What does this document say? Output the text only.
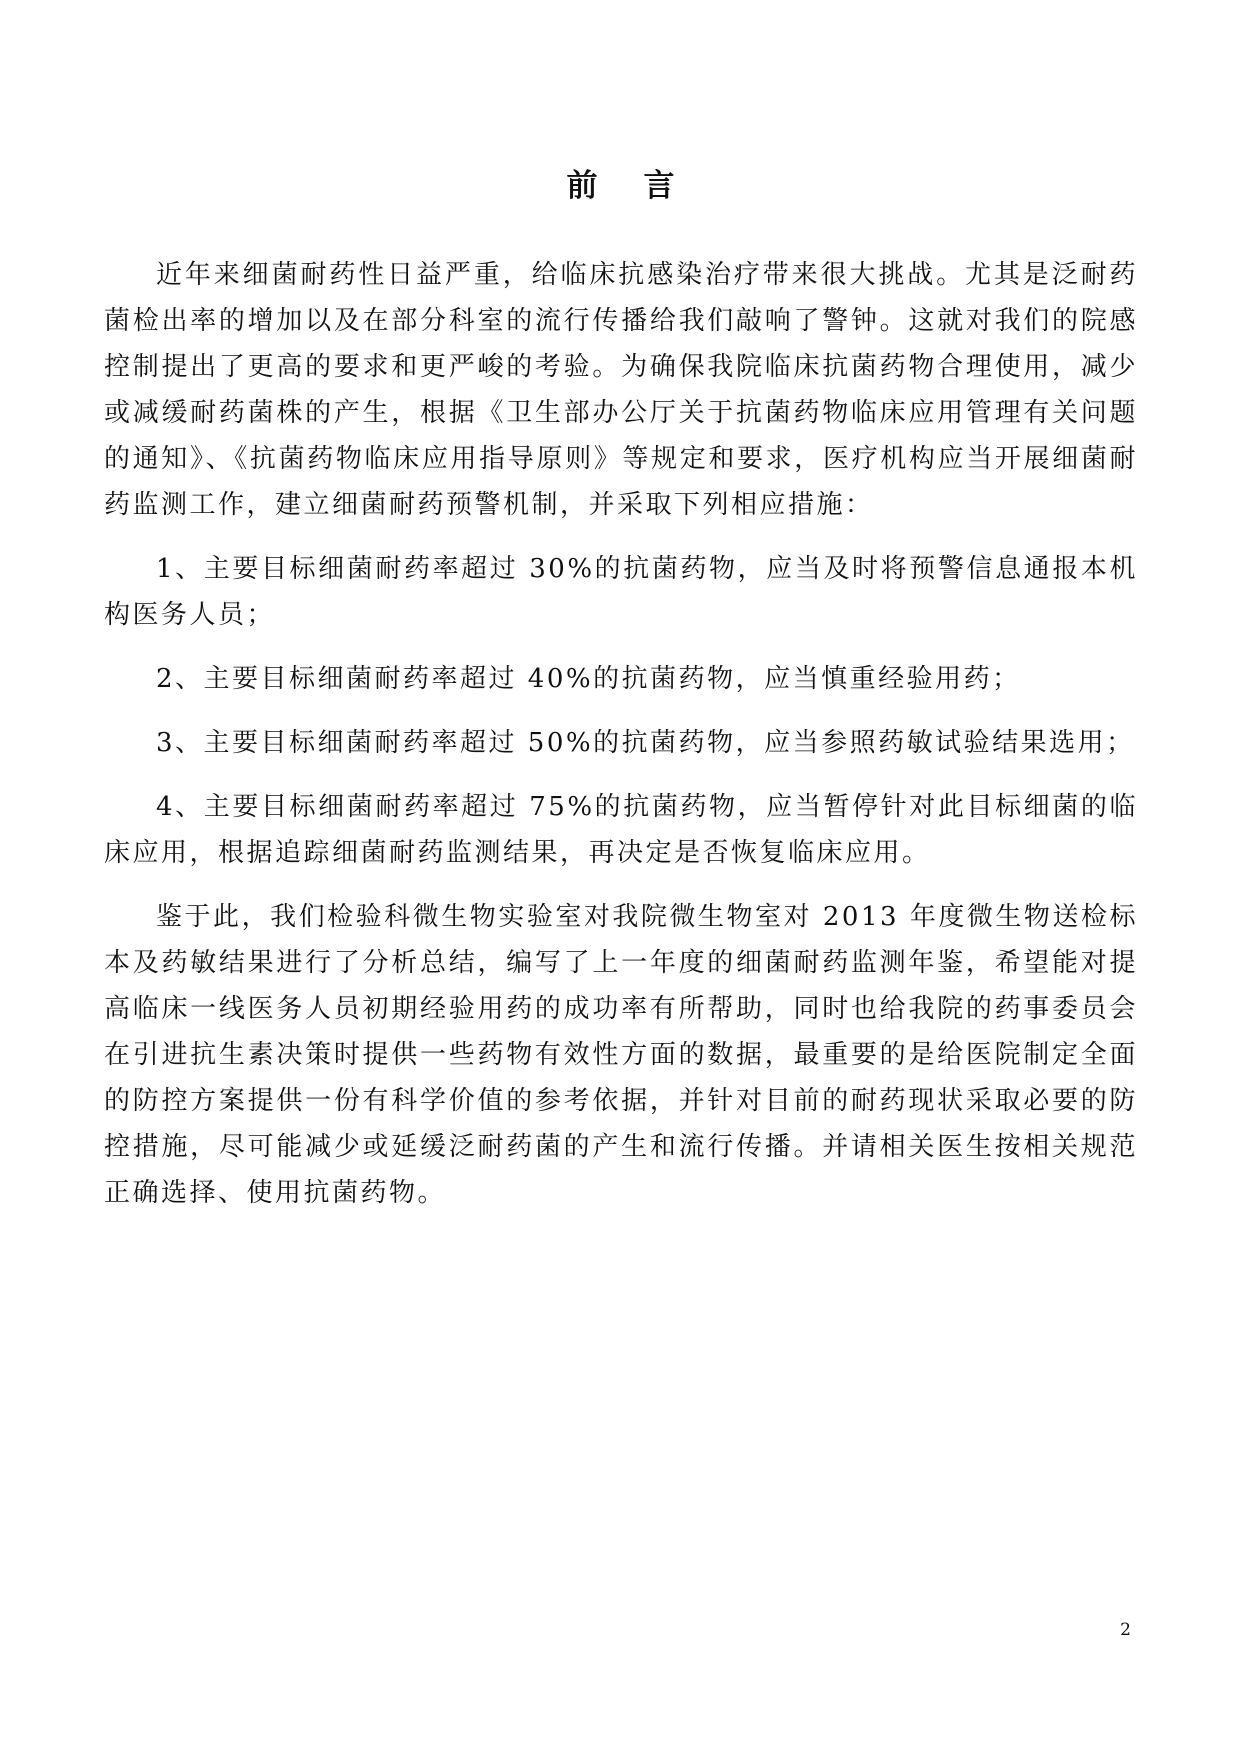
前言

近年来细菌耐药性日益严重，给临床抗感染治疗带来很大挑战。尤其是泛耐药菌检出率的增加以及在部分科室的流行传播给我们敲响了警钟。这就对我们的院感控制提出了更高的要求和更严峻的考验。为确保我院临床抗菌药物合理使用，减少或减缓耐药菌株的产生，根据《卫生部办公厅关于抗菌药物临床应用管理有关问题的通知》、《抗菌药物临床应用指导原则》等规定和要求，医疗机构应当开展细菌耐药监测工作，建立细菌耐药预警机制，并采取下列相应措施：

1、主要目标细菌耐药率超过 30%的抗菌药物，应当及时将预警信息通报本机构医务人员；

2、主要目标细菌耐药率超过 40%的抗菌药物，应当慎重经验用药；

3、主要目标细菌耐药率超过 50%的抗菌药物，应当参照药敏试验结果选用；

4、主要目标细菌耐药率超过 75%的抗菌药物，应当暂停针对此目标细菌的临床应用，根据追踪细菌耐药监测结果，再决定是否恢复临床应用。

鉴于此，我们检验科微生物实验室对我院微生物室对 2013 年度微生物送检标本及药敏结果进行了分析总结，编写了上一年度的细菌耐药监测年鉴，希望能对提高临床一线医务人员初期经验用药的成功率有所帮助，同时也给我院的药事委员会在引进抗生素决策时提供一些药物有效性方面的数据，最重要的是给医院制定全面的防控方案提供一份有科学价值的参考依据，并针对目前的耐药现状采取必要的防控措施，尽可能减少或延缓泛耐药菌的产生和流行传播。并请相关医生按相关规范正确选择、使用抗菌药物。

2
